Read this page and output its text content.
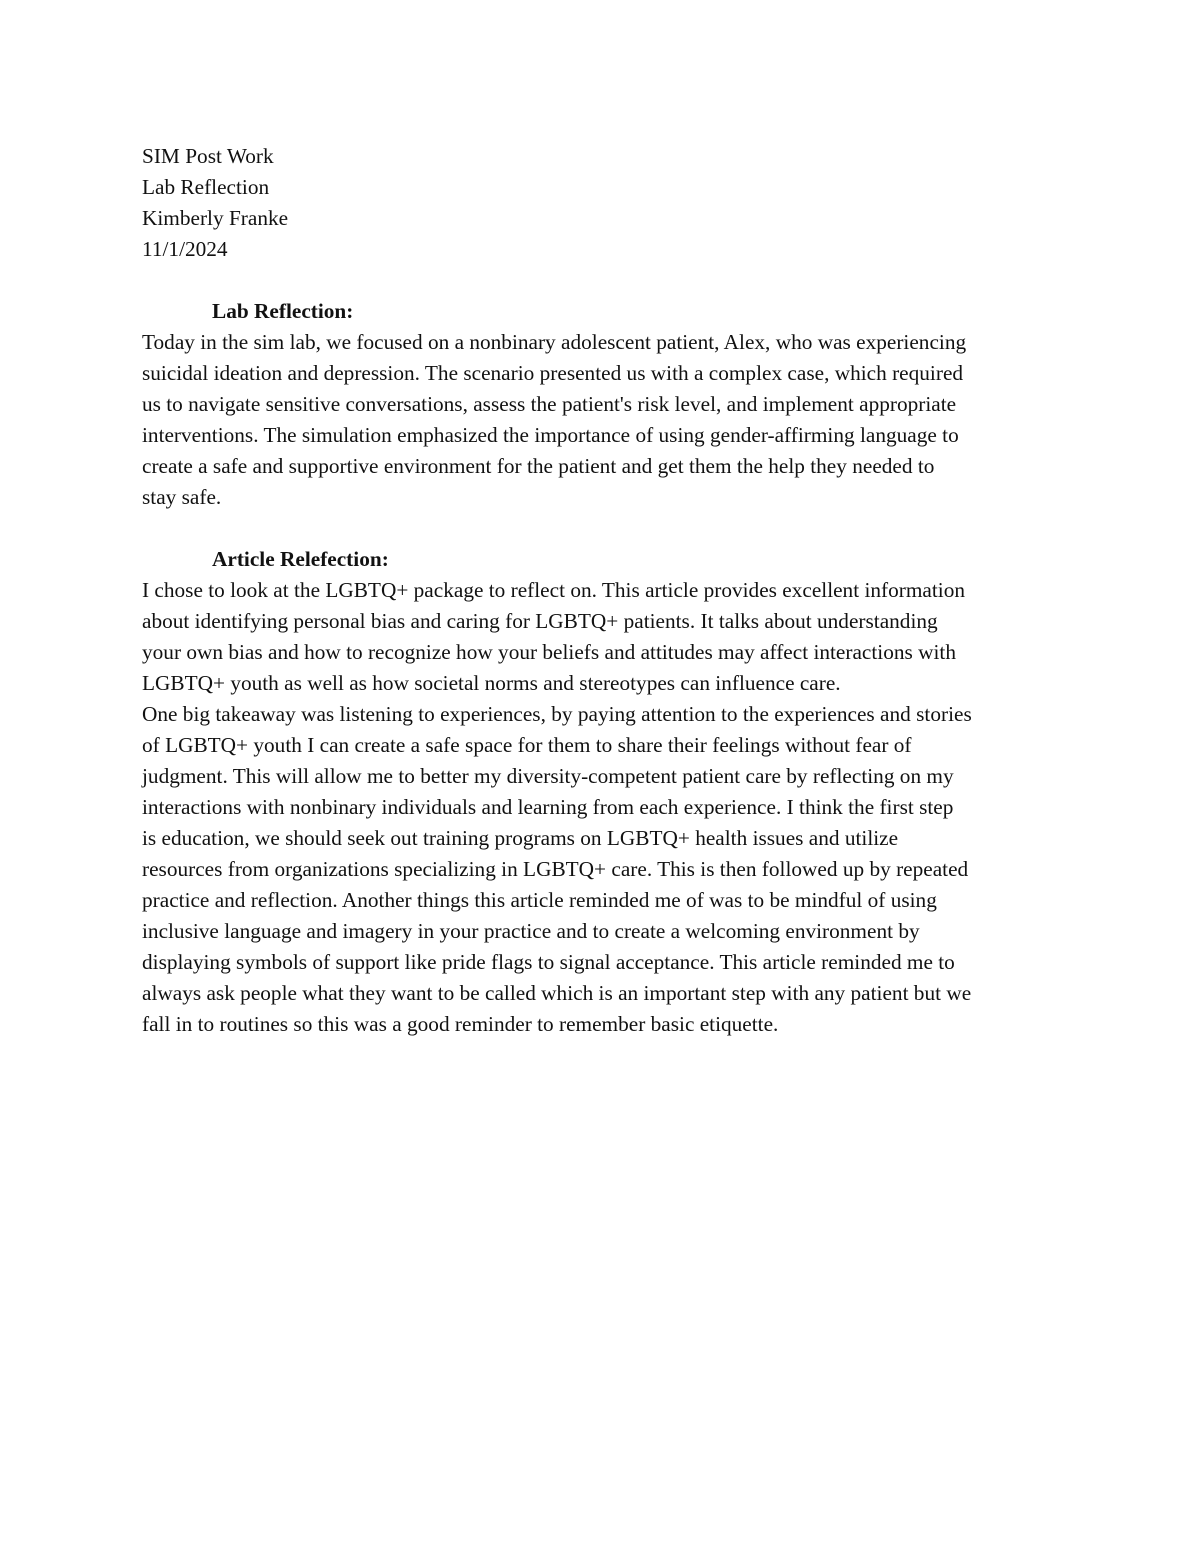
SIM Post Work
Lab Reflection
Kimberly Franke
11/1/2024
Lab Reflection:
Today in the sim lab, we focused on a nonbinary adolescent patient, Alex, who was experiencing
suicidal ideation and depression. The scenario presented us with a complex case, which required
us to navigate sensitive conversations, assess the patient's risk level, and implement appropriate
interventions. The simulation emphasized the importance of using gender-affirming language to
create a safe and supportive environment for the patient and get them the help they needed to
stay safe.
Article Relefection:
I chose to look at the LGBTQ+ package to reflect on. This article provides excellent information
about identifying personal bias and caring for LGBTQ+ patients. It talks about understanding
your own bias and how to recognize how your beliefs and attitudes may affect interactions with
LGBTQ+ youth as well as how societal norms and stereotypes can influence care.
One big takeaway was listening to experiences, by paying attention to the experiences and stories
of LGBTQ+ youth I can create a safe space for them to share their feelings without fear of
judgment. This will allow me to better my diversity-competent patient care by reflecting on my
interactions with nonbinary individuals and learning from each experience. I think the first step
is education, we should seek out training programs on LGBTQ+ health issues and utilize
resources from organizations specializing in LGBTQ+ care. This is then followed up by repeated
practice and reflection. Another things this article reminded me of was to be mindful of using
inclusive language and imagery in your practice and to create a welcoming environment by
displaying symbols of support like pride flags to signal acceptance. This article reminded me to
always ask people what they want to be called which is an important step with any patient but we
fall in to routines so this was a good reminder to remember basic etiquette.
